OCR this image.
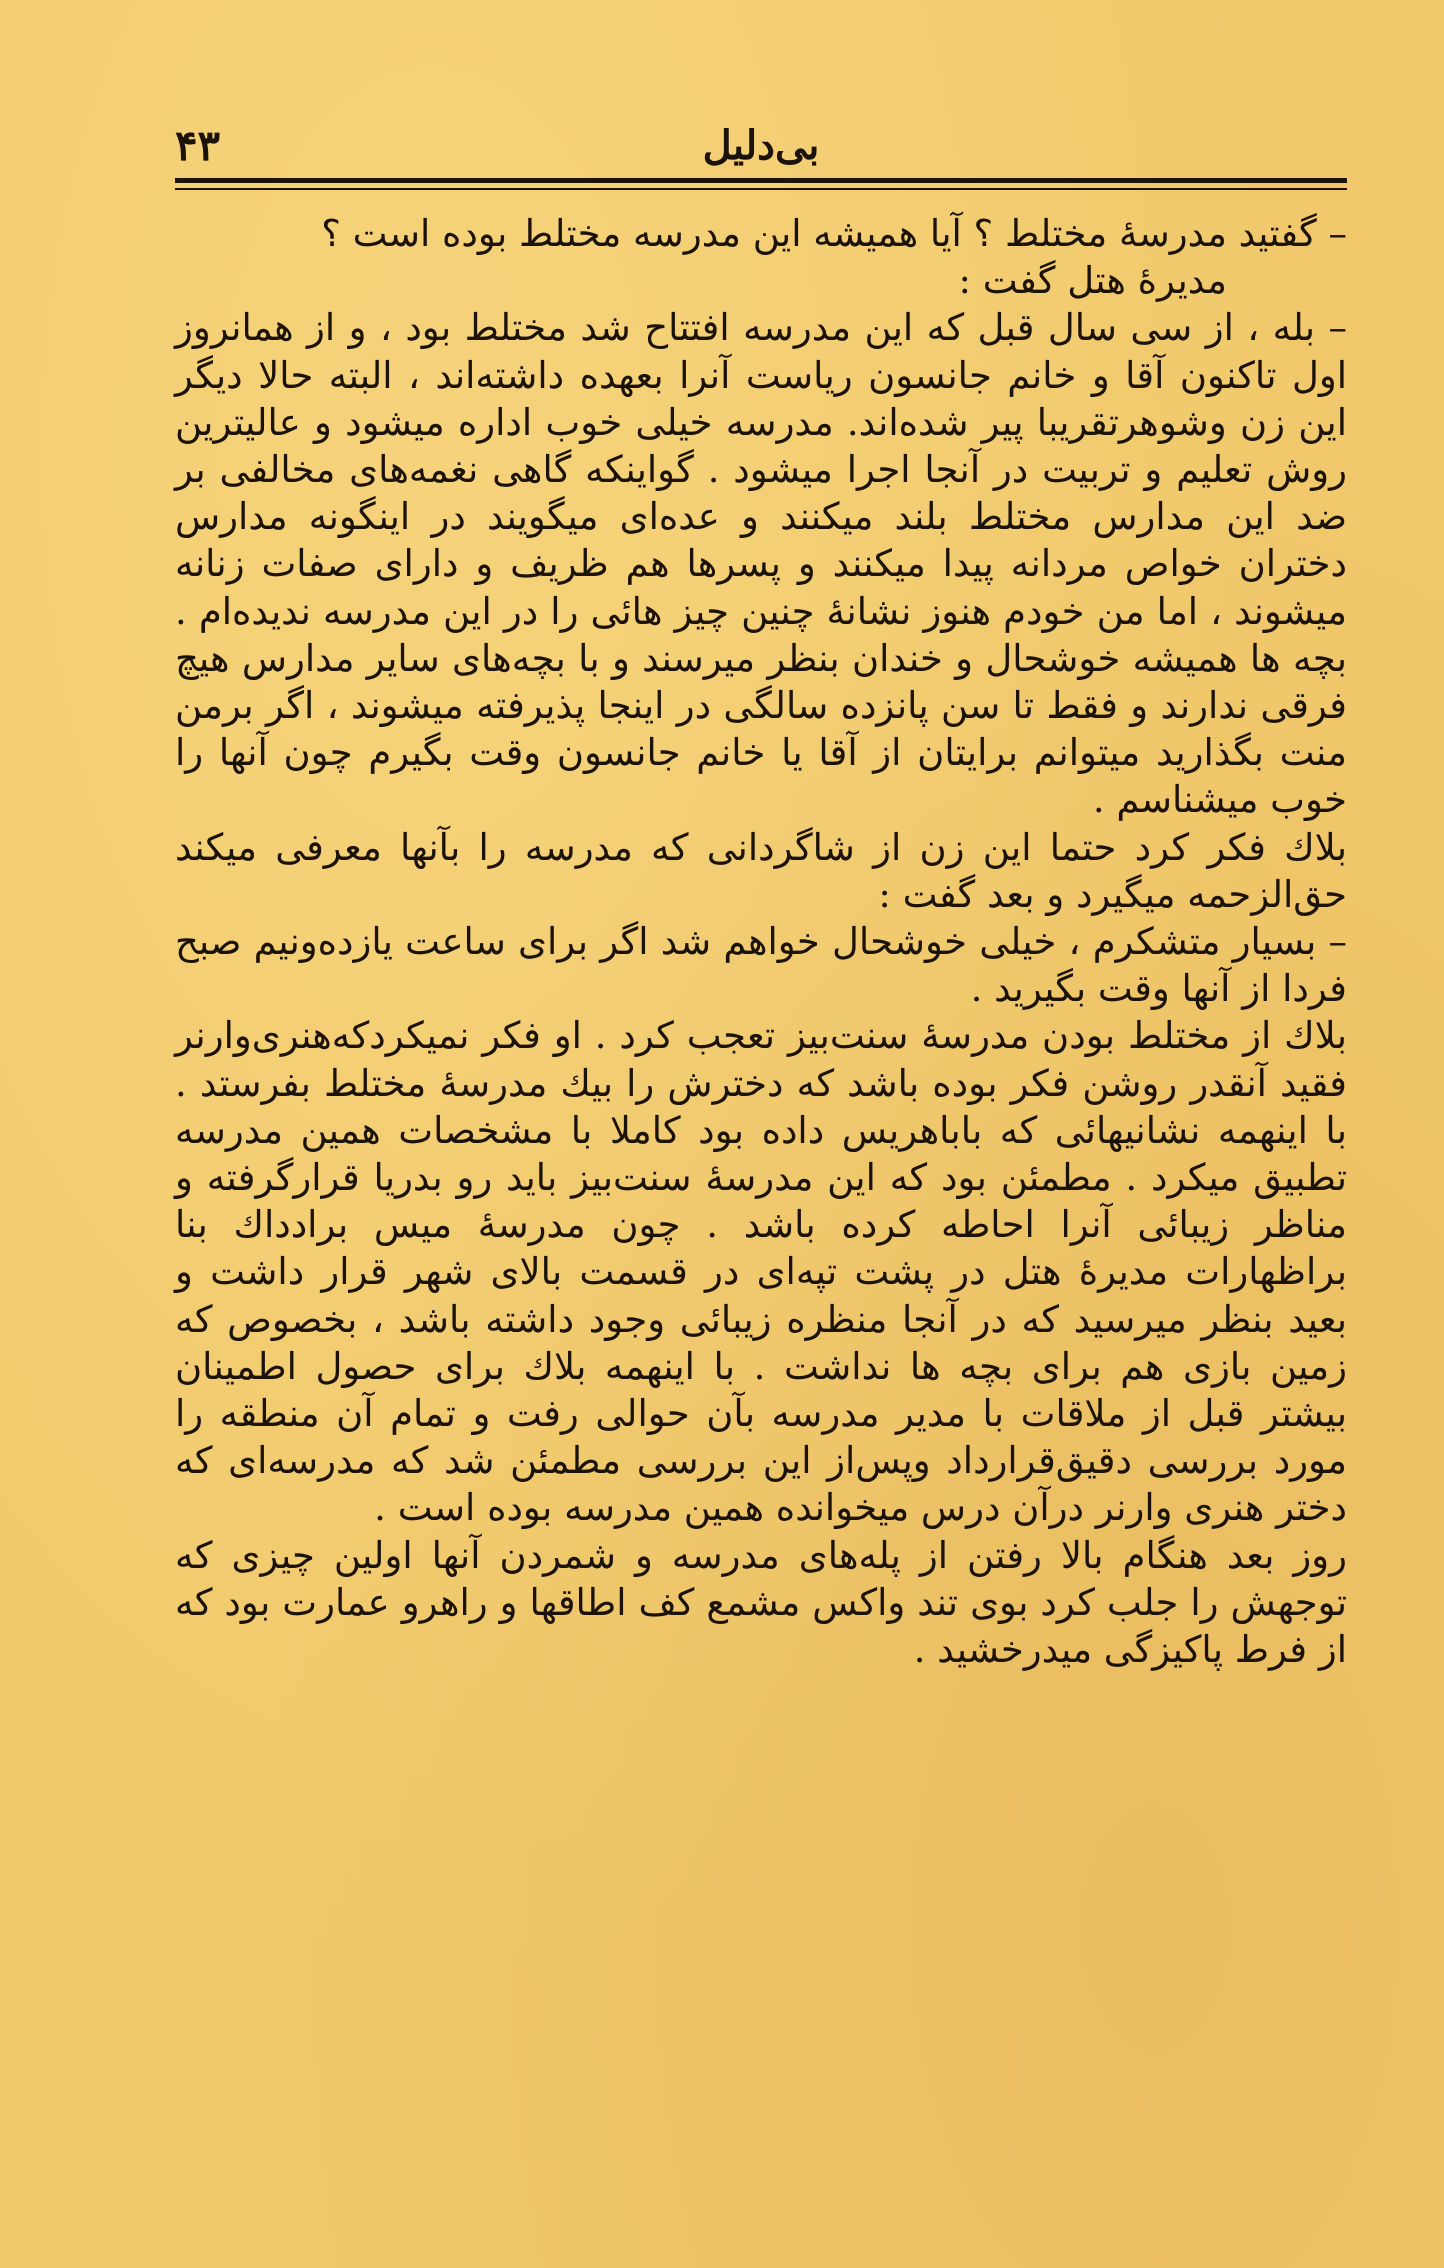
۴۳	بی‌دلیل

– گفتید مدرسهٔ مختلط ؟ آیا همیشه این مدرسه مختلط بوده است ؟

مدیرهٔ هتل گفت :

– بله ، از سی سال قبل که این مدرسه افتتاح شد مختلط بود ، و از همانروز اول تاکنون آقا و خانم جانسون ریاست آنرا بعهده داشته‌اند ، البته حالا دیگر این زن وشوهرتقریبا پیر شده‌اند. مدرسه خیلی خوب اداره میشود و عالیترین روش تعلیم و تربیت در آنجا اجرا میشود . گواینکه گاهی نغمه‌های مخالفی بر ضد این مدارس مختلط بلند میکنند و عده‌ای میگویند در اینگونه مدارس دختران خواص مردانه پیدا میکنند و پسرها هم ظریف و دارای صفات زنانه میشوند ، اما من خودم هنوز نشانهٔ چنین چیز هائی را در این مدرسه ندیده‌ام . بچه ها همیشه خوشحال و خندان بنظر میرسند و با بچه‌های سایر مدارس هیچ فرقی ندارند و فقط تا سن پانزده سالگی در اینجا پذیرفته میشوند ، اگر برمن منت بگذارید میتوانم برایتان از آقا یا خانم جانسون وقت بگیرم چون آنها را خوب میشناسم .

بلاك فکر کرد حتما این زن از شاگردانی که مدرسه را بآنها معرفی میکند حق‌الزحمه میگیرد و بعد گفت :

– بسیار متشکرم ، خیلی خوشحال خواهم شد اگر برای ساعت یازده‌ونیم صبح فردا از آنها وقت بگیرید .

بلاك از مختلط بودن مدرسهٔ سنت‌بیز تعجب کرد . او فکر نمیکردکه‌هنری‌وارنر فقید آنقدر روشن فکر بوده باشد که دخترش را بیك مدرسهٔ مختلط بفرستد . با اینهمه نشانیهائی که باباهریس داده بود کاملا با مشخصات همین مدرسه تطبیق میکرد . مطمئن بود که این مدرسهٔ سنت‌بیز باید رو بدریا قرارگرفته و مناظر زیبائی آنرا احاطه کرده باشد . چون مدرسهٔ میس برادداك بنا براظهارات مدیرهٔ هتل در پشت تپه‌ای در قسمت بالای شهر قرار داشت و بعید بنظر میرسید که در آنجا منظره زیبائی وجود داشته باشد ، بخصوص که زمین بازی هم برای بچه ها نداشت . با اینهمه بلاك برای حصول اطمینان بیشتر قبل از ملاقات با مدیر مدرسه بآن حوالی رفت و تمام آن منطقه را مورد بررسی دقیق‌قرارداد وپس‌از این بررسی مطمئن شد که مدرسه‌ای که دختر هنری وارنر درآن درس میخوانده همین مدرسه بوده است .

روز بعد هنگام بالا رفتن از پله‌های مدرسه و شمردن آنها اولین چیزی که توجهش را جلب کرد بوی تند واکس مشمع کف اطاقها و راهرو عمارت بود که از فرط پاکیزگی میدرخشید .
